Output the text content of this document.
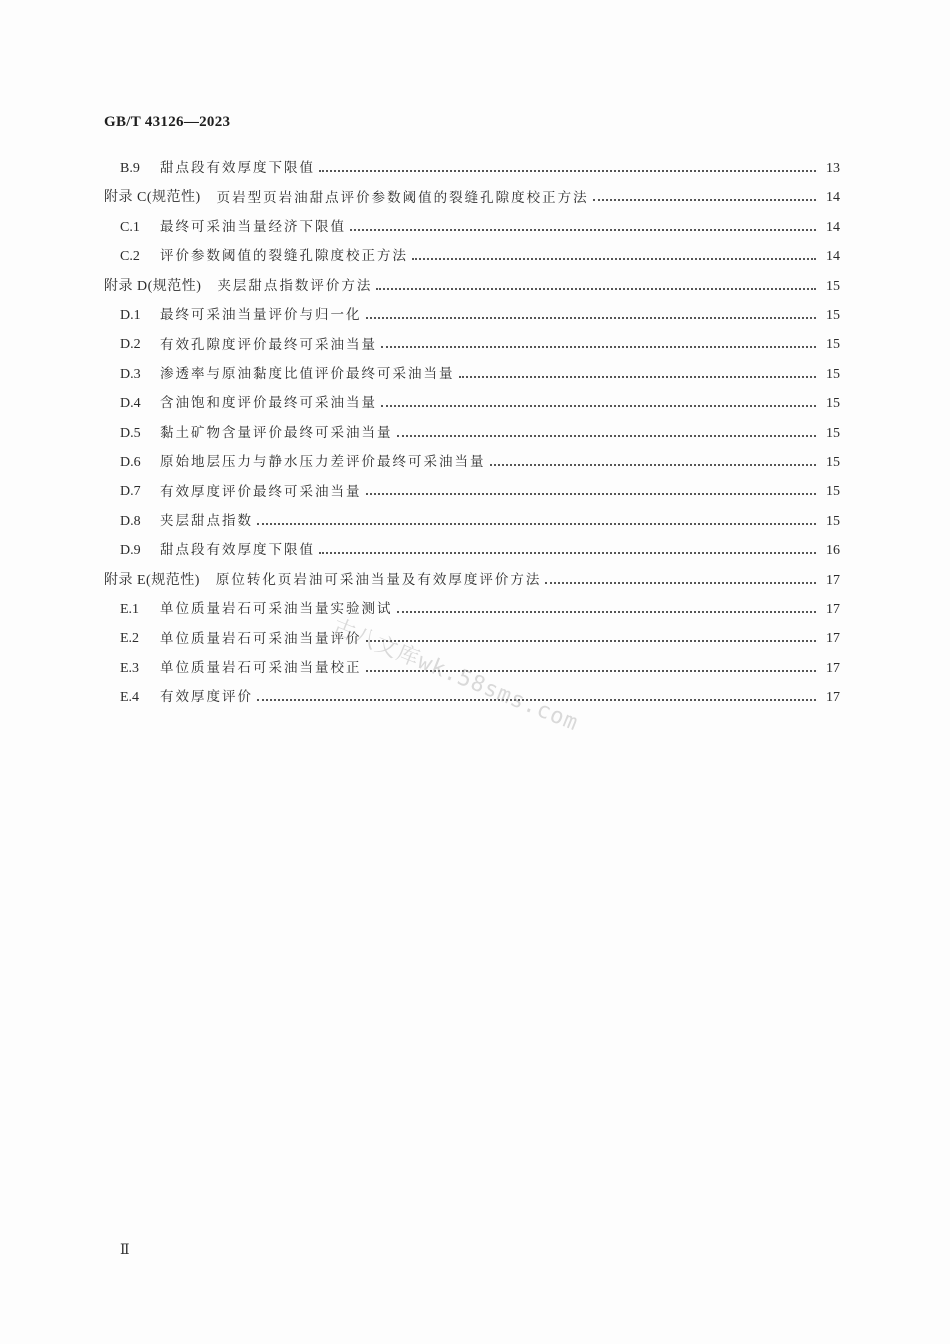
GB/T 43126—2023
B.9	甜点段有效厚度下限值	13
附录 C(规范性) 页岩型页岩油甜点评价参数阈值的裂缝孔隙度校正方法	14
C.1	最终可采油当量经济下限值	14
C.2	评价参数阈值的裂缝孔隙度校正方法	14
附录 D(规范性) 夹层甜点指数评价方法	15
D.1	最终可采油当量评价与归一化	15
D.2	有效孔隙度评价最终可采油当量	15
D.3	渗透率与原油黏度比值评价最终可采油当量	15
D.4	含油饱和度评价最终可采油当量	15
D.5	黏土矿物含量评价最终可采油当量	15
D.6	原始地层压力与静水压力差评价最终可采油当量	15
D.7	有效厚度评价最终可采油当量	15
D.8	夹层甜点指数	15
D.9	甜点段有效厚度下限值	16
附录 E(规范性) 原位转化页岩油可采油当量及有效厚度评价方法	17
E.1	单位质量岩石可采油当量实验测试	17
E.2	单位质量岩石可采油当量评价	17
E.3	单位质量岩石可采油当量校正	17
E.4	有效厚度评价	17
古八文库wk.58sms.com
Ⅱ
